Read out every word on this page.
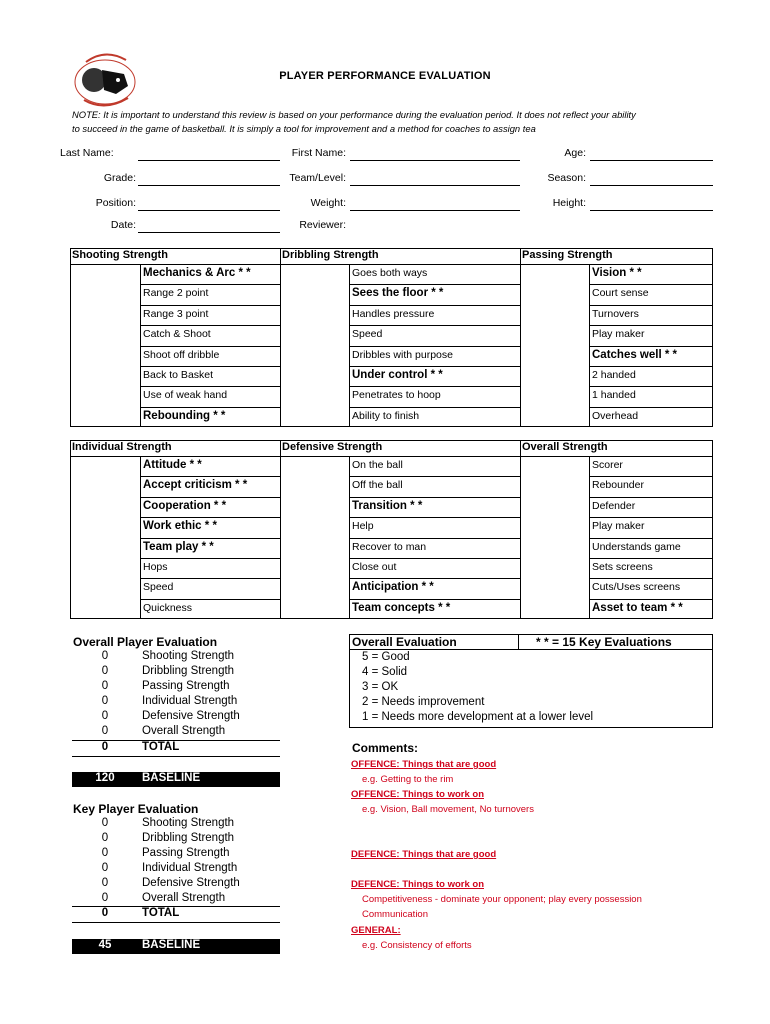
PLAYER PERFORMANCE EVALUATION
NOTE: It is important to understand this review is based on your performance during the evaluation period. It does not reflect your ability
to succeed in the game of basketball. It is simply a tool for improvement and a method for coaches to assign tea
Last Name:	First Name:	Age:
Grade:	Team/Level:	Season:
Position:	Weight:	Height:
Date:	Reviewer:
Shooting Strength	Dribbling Strength	Passing Strength
Mechanics & Arc * *	Goes both ways	Vision * *
Range 2 point	Sees the floor * *	Court sense
Range 3 point	Handles pressure	Turnovers
Catch & Shoot	Speed	Play maker
Shoot off dribble	Dribbles with purpose	Catches well * *
Back to Basket	Under control * *	2 handed
Use of weak hand	Penetrates to hoop	1 handed
Rebounding * *	Ability to finish	Overhead
Individual Strength	Defensive Strength	Overall Strength
Attitude * *	On the ball	Scorer
Accept criticism * *	Off the ball	Rebounder
Cooperation * *	Transition * *	Defender
Work ethic * *	Help	Play maker
Team play * *	Recover to man	Understands game
Hops	Close out	Sets screens
Speed	Anticipation * *	Cuts/Uses screens
Quickness	Team concepts * *	Asset to team * *
Overall Player Evaluation
0	Shooting Strength
0	Dribbling Strength
0	Passing Strength
0	Individual Strength
0	Defensive Strength
0	Overall Strength
0	TOTAL
120	BASELINE
Key Player Evaluation
0	Shooting Strength
0	Dribbling Strength
0	Passing Strength
0	Individual Strength
0	Defensive Strength
0	Overall Strength
0	TOTAL
45	BASELINE
Overall Evaluation	* * = 15 Key Evaluations
5 = Good
4 = Solid
3 = OK
2 = Needs improvement
1 = Needs more development at a lower level
Comments:
OFFENCE: Things that are good
e.g. Getting to the rim
OFFENCE: Things to work on
e.g. Vision, Ball movement, No turnovers
DEFENCE: Things that are good
DEFENCE: Things to work on
Competitiveness - dominate your opponent; play every possession
Communication
GENERAL:
e.g. Consistency of efforts
